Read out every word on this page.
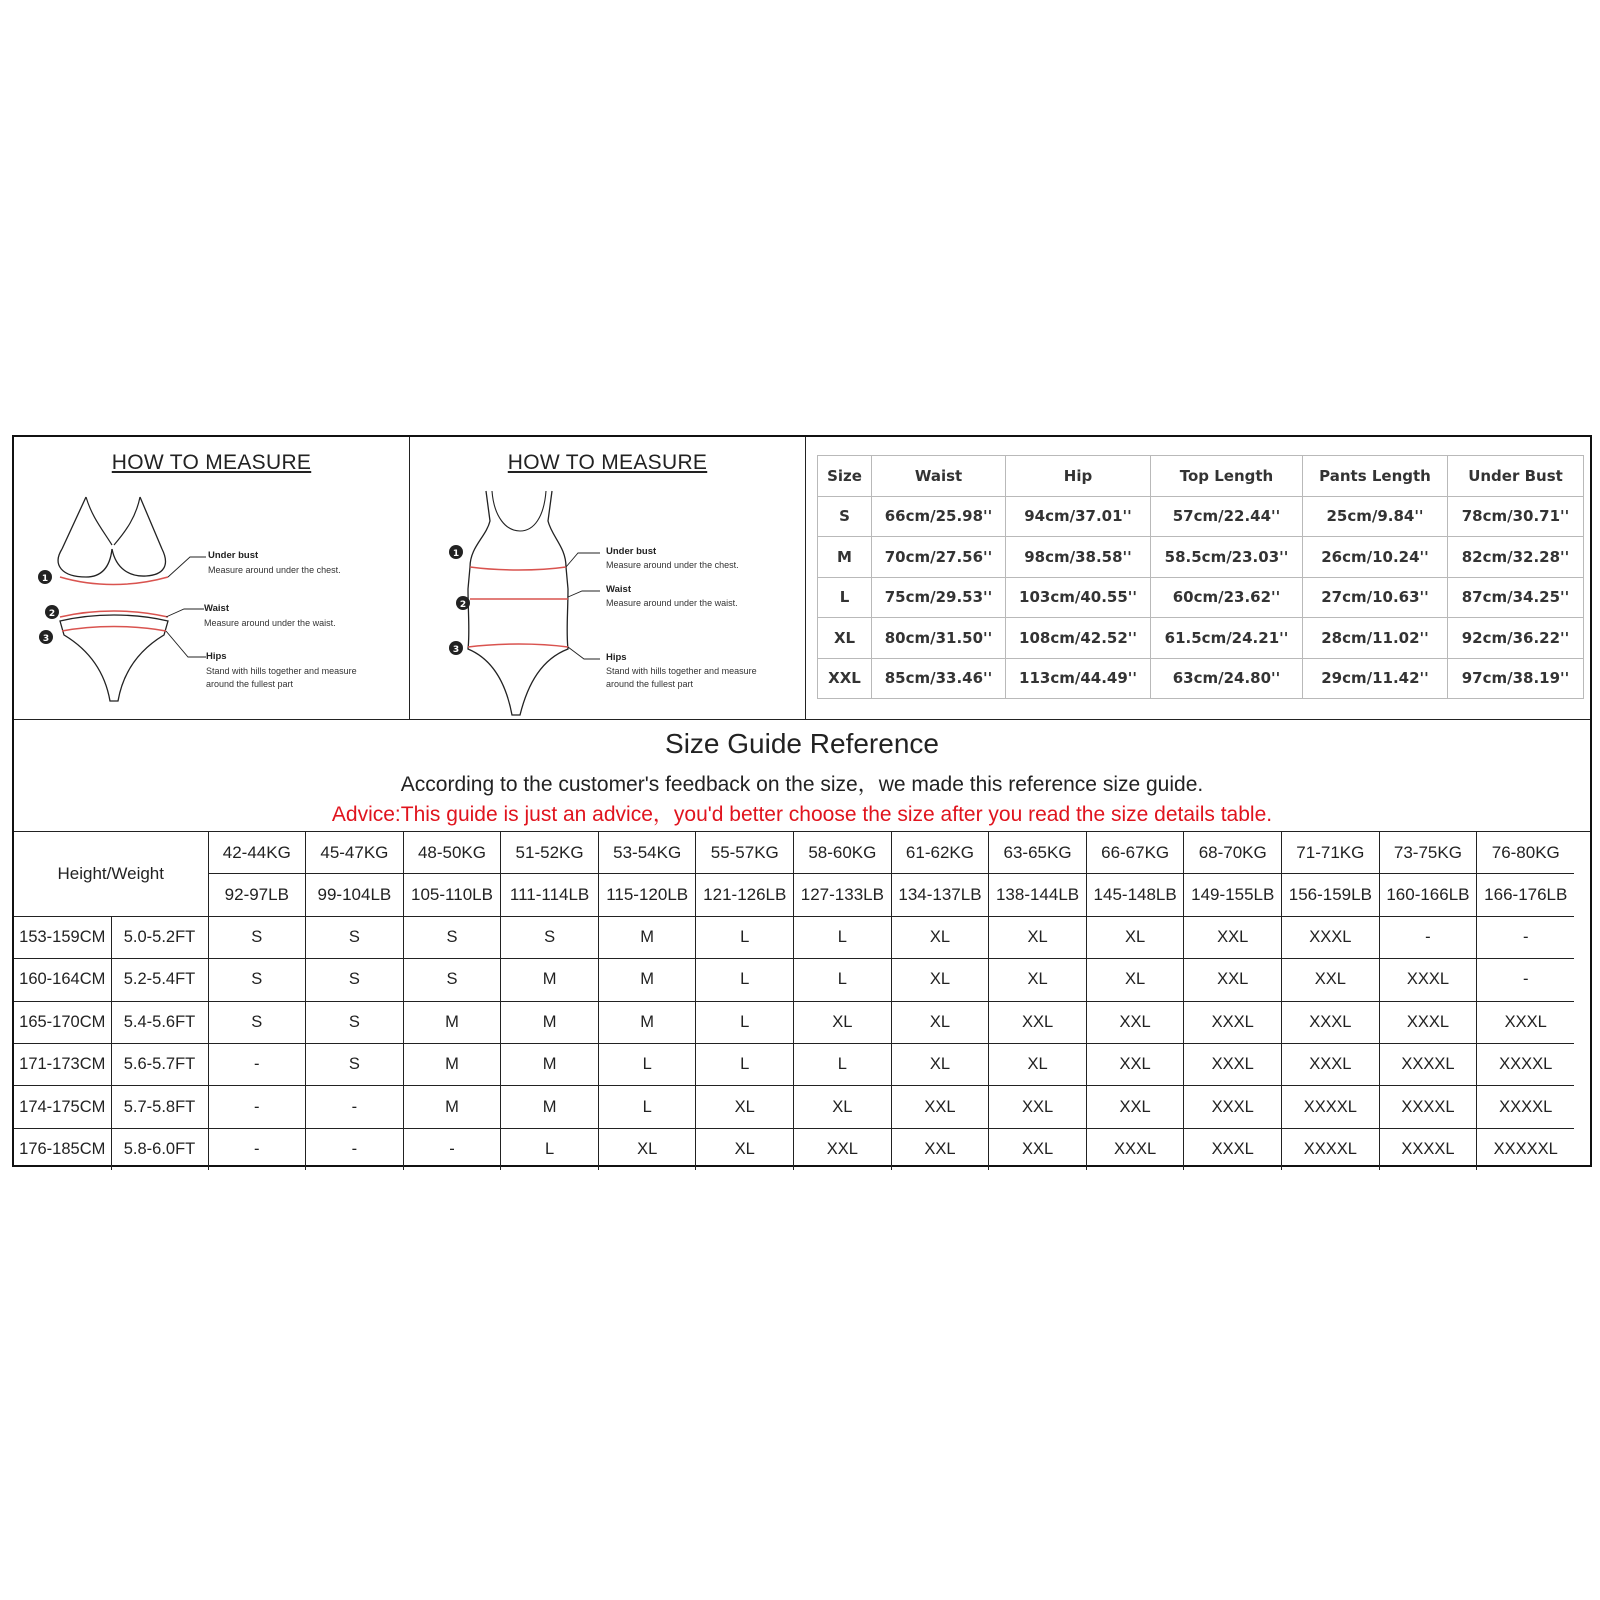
HOW TO MEASURE
1
2
3
Under bust
Measure around under the chest.
Waist
Measure around under the waist.
Hips
Stand with hills together and measure around the fullest part
HOW TO MEASURE
1
2
3
Under bust
Measure around under the chest.
Waist
Measure around under the waist.
Hips
Stand with hills together and measure around the fullest part
Size	Waist	Hip	Top Length	Pants Length	Under Bust
S	66cm/25.98''	94cm/37.01''	57cm/22.44''	25cm/9.84''	78cm/30.71''
M	70cm/27.56''	98cm/38.58''	58.5cm/23.03''	26cm/10.24''	82cm/32.28''
L	75cm/29.53''	103cm/40.55''	60cm/23.62''	27cm/10.63''	87cm/34.25''
XL	80cm/31.50''	108cm/42.52''	61.5cm/24.21''	28cm/11.02''	92cm/36.22''
XXL	85cm/33.46''	113cm/44.49''	63cm/24.80''	29cm/11.42''	97cm/38.19''
Size Guide Reference
According to the customer's feedback on the size，we made this reference size guide.
Advice:This guide is just an advice，you'd better choose the size after you read the size details table.
Height/Weight		42-44KG	45-47KG	48-50KG	51-52KG	53-54KG	55-57KG	58-60KG	61-62KG	63-65KG	66-67KG	68-70KG	71-71KG	73-75KG	76-80KG
		92-97LB	99-104LB	105-110LB	111-114LB	115-120LB	121-126LB	127-133LB	134-137LB	138-144LB	145-148LB	149-155LB	156-159LB	160-166LB	166-176LB
153-159CM	5.0-5.2FT	S	S	S	S	M	L	L	XL	XL	XL	XXL	XXXL	-	-
160-164CM	5.2-5.4FT	S	S	S	M	M	L	L	XL	XL	XL	XXL	XXL	XXXL	-
165-170CM	5.4-5.6FT	S	S	M	M	M	L	XL	XL	XXL	XXL	XXXL	XXXL	XXXL	XXXL
171-173CM	5.6-5.7FT	-	S	M	M	L	L	L	XL	XL	XXL	XXXL	XXXL	XXXXL	XXXXL
174-175CM	5.7-5.8FT	-	-	M	M	L	XL	XL	XXL	XXL	XXL	XXXL	XXXXL	XXXXL	XXXXL
176-185CM	5.8-6.0FT	-	-	-	L	XL	XL	XXL	XXL	XXL	XXXL	XXXL	XXXXL	XXXXL	XXXXXL
